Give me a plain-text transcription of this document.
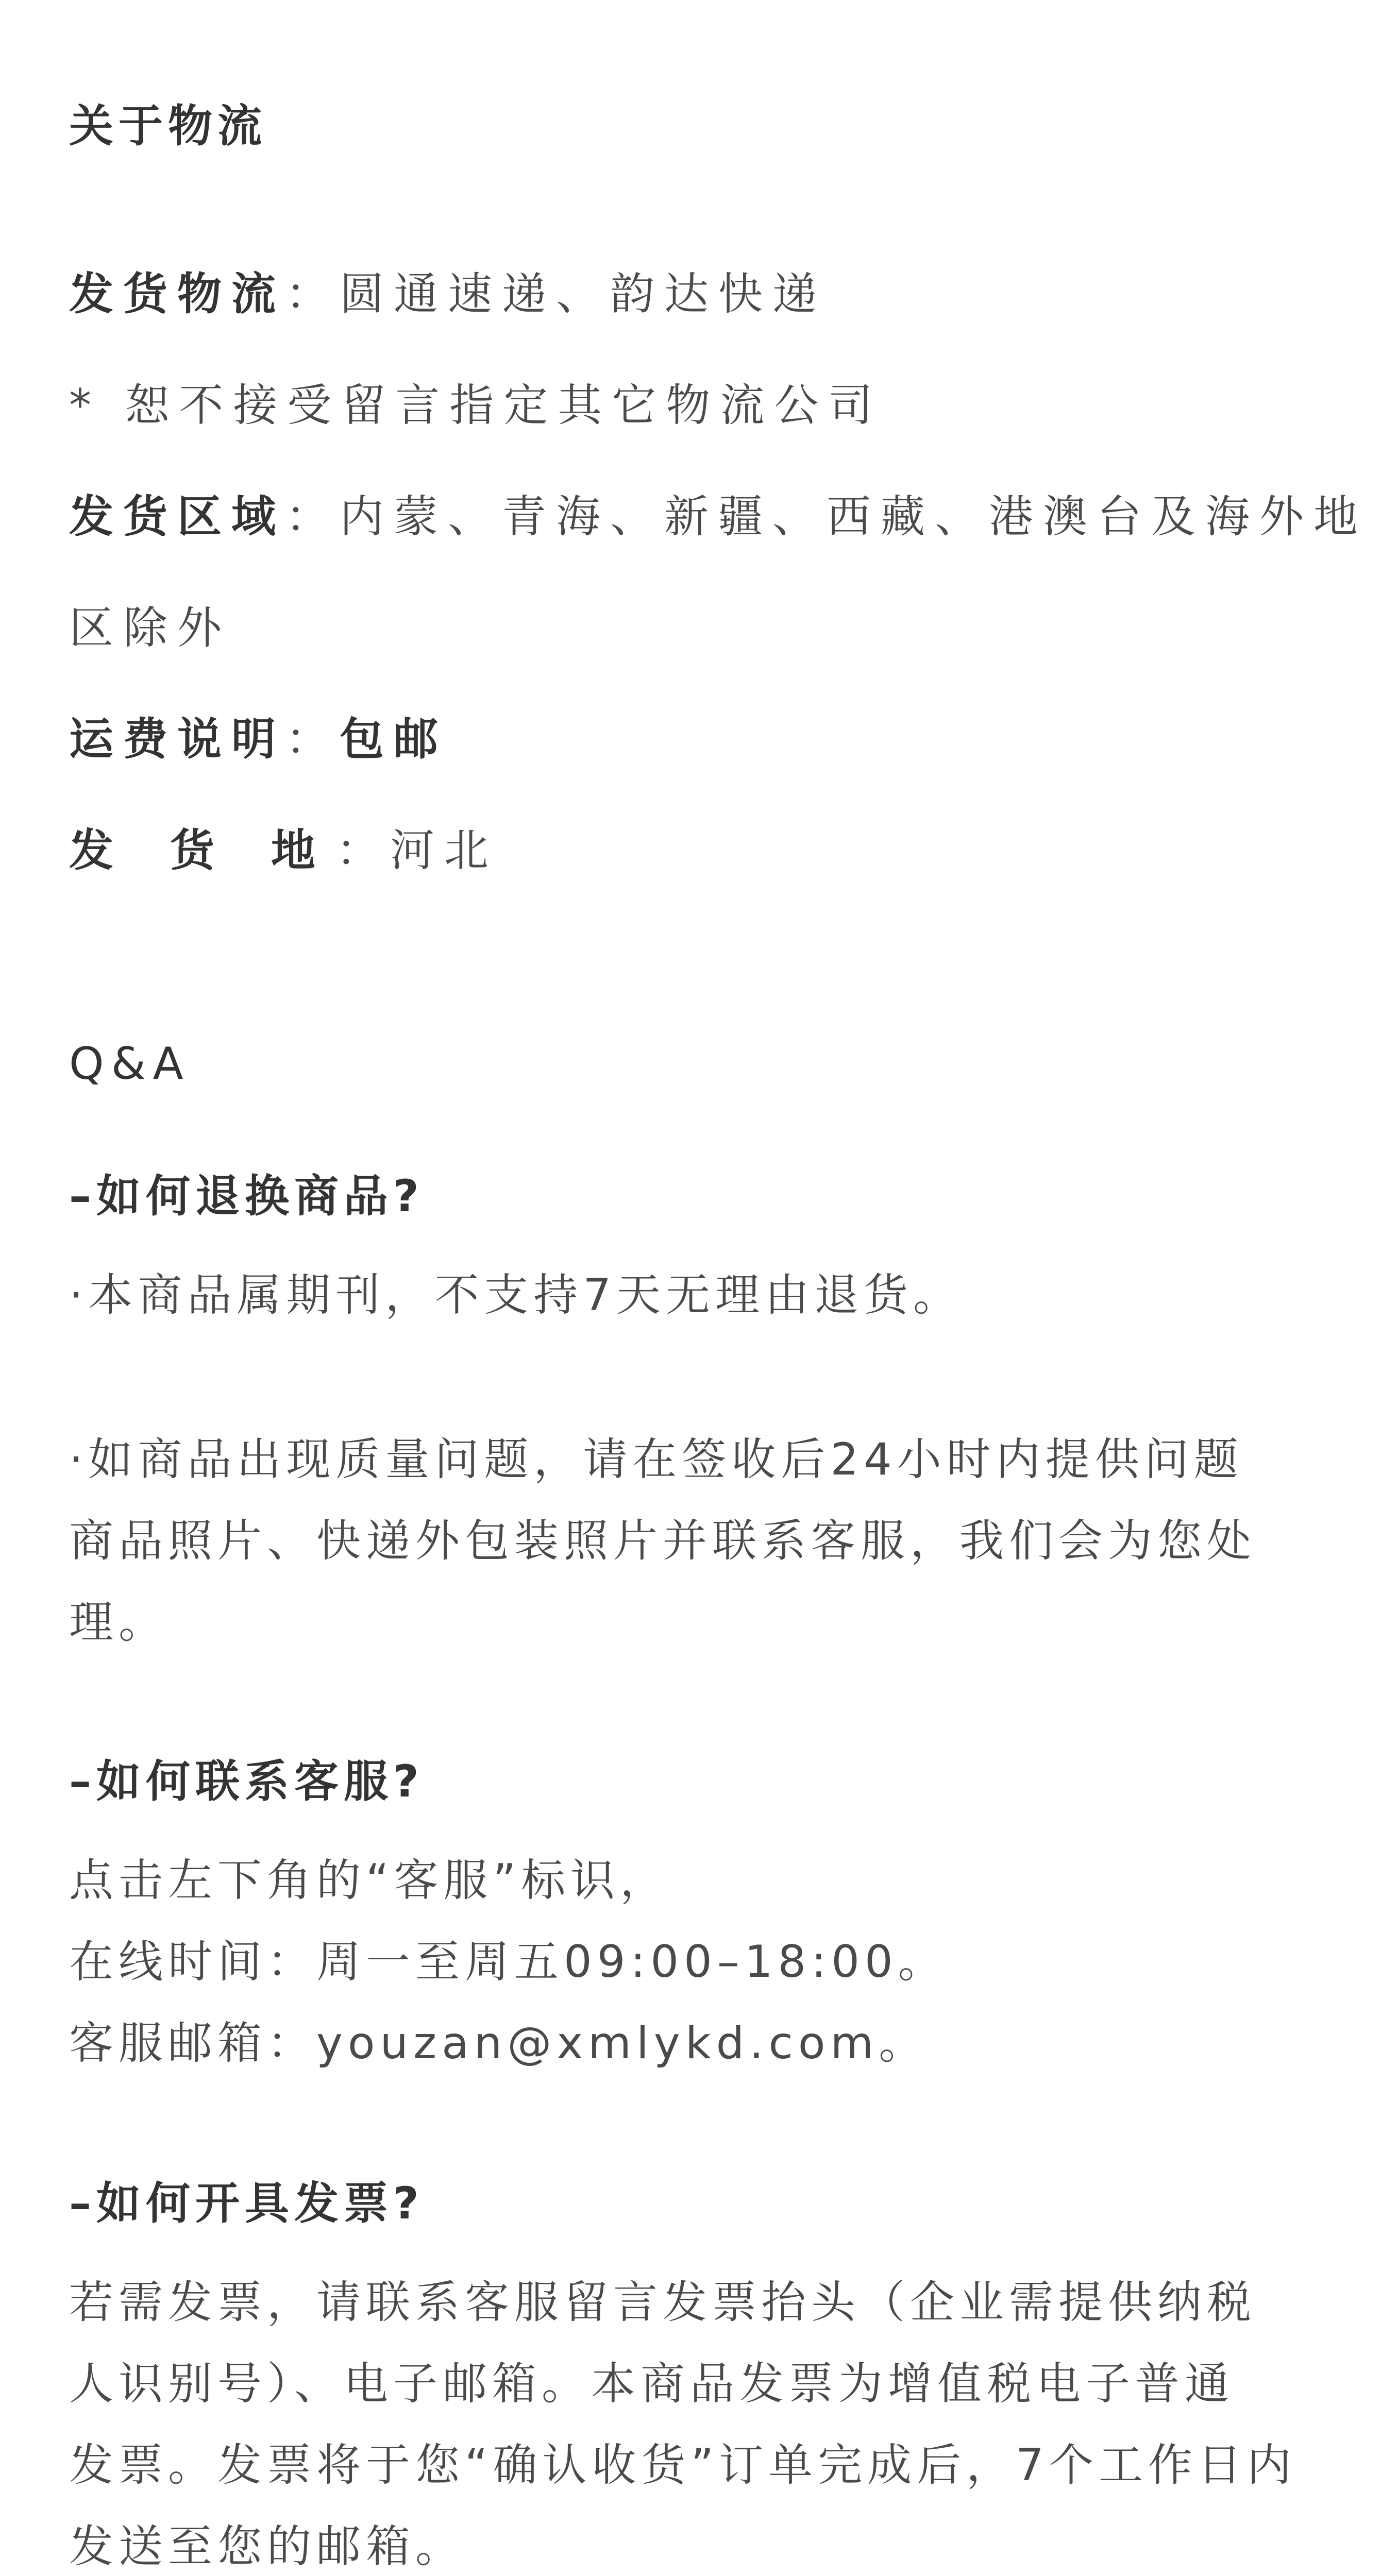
关于物流
发货物流：圆通速递、韵达快递
* 恕不接受留言指定其它物流公司
发货区域：内蒙、青海、新疆、西藏、港澳台及海外地
区除外
运费说明：包邮
发 货 地：河北
Q&A
–如何退换商品?
·本商品属期刊，不支持7天无理由退货。
·如商品出现质量问题，请在签收后24小时内提供问题
商品照片、快递外包装照片并联系客服，我们会为您处
理。
–如何联系客服?
点击左下角的“客服”标识，
在线时间：周一至周五09:00–18:00。
客服邮箱：youzan@xmlykd.com。
–如何开具发票?
若需发票，请联系客服留言发票抬头（企业需提供纳税
人识别号）、电子邮箱。本商品发票为增值税电子普通
发票。发票将于您“确认收货”订单完成后，7个工作日内
发送至您的邮箱。
